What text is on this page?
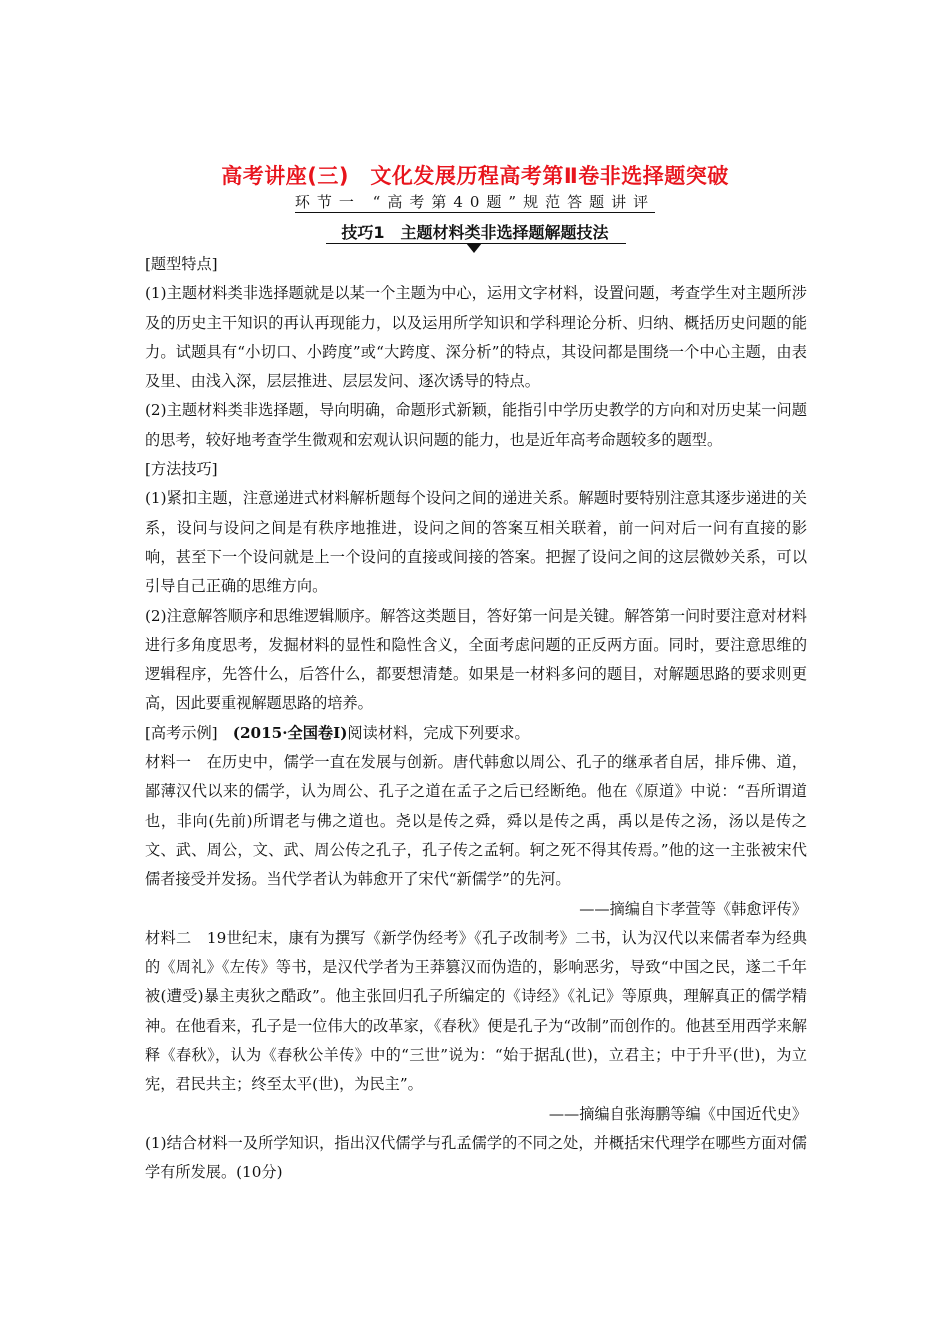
高考讲座(三)　文化发展历程高考第Ⅱ卷非选择题突破
环节一 “高考第40题”规范答题讲评
技巧1　主题材料类非选择题解题技法

[题型特点]

(1)主题材料类非选择题就是以某一个主题为中心，运用文字材料，设置问题，考查学生对主题所涉及的历史主干知识的再认再现能力，以及运用所学知识和学科理论分析、归纳、概括历史问题的能力。试题具有“小切口、小跨度”或“大跨度、深分析”的特点，其设问都是围绕一个中心主题，由表及里、由浅入深，层层推进、层层发问、逐次诱导的特点。

(2)主题材料类非选择题，导向明确，命题形式新颖，能指引中学历史教学的方向和对历史某一问题的思考，较好地考查学生微观和宏观认识问题的能力，也是近年高考命题较多的题型。

[方法技巧]

(1)紧扣主题，注意递进式材料解析题每个设问之间的递进关系。解题时要特别注意其逐步递进的关系，设问与设问之间是有秩序地推进，设问之间的答案互相关联着，前一问对后一问有直接的影响，甚至下一个设问就是上一个设问的直接或间接的答案。把握了设问之间的这层微妙关系，可以引导自己正确的思维方向。

(2)注意解答顺序和思维逻辑顺序。解答这类题目，答好第一问是关键。解答第一问时要注意对材料进行多角度思考，发掘材料的显性和隐性含义，全面考虑问题的正反两方面。同时，要注意思维的逻辑程序，先答什么，后答什么，都要想清楚。如果是一材料多问的题目，对解题思路的要求则更高，因此要重视解题思路的培养。

[高考示例]　(2015·全国卷Ⅰ)阅读材料，完成下列要求。

材料一　在历史中，儒学一直在发展与创新。唐代韩愈以周公、孔子的继承者自居，排斥佛、道，鄙薄汉代以来的儒学，认为周公、孔子之道在孟子之后已经断绝。他在《原道》中说：“吾所谓道也，非向(先前)所谓老与佛之道也。尧以是传之舜，舜以是传之禹，禹以是传之汤，汤以是传之文、武、周公，文、武、周公传之孔子，孔子传之孟轲。轲之死不得其传焉。”他的这一主张被宋代儒者接受并发扬。当代学者认为韩愈开了宋代“新儒学”的先河。

——摘编自卞孝萱等《韩愈评传》

材料二　19世纪末，康有为撰写《新学伪经考》《孔子改制考》二书，认为汉代以来儒者奉为经典的《周礼》《左传》等书，是汉代学者为王莽篡汉而伪造的，影响恶劣，导致“中国之民，遂二千年被(遭受)暴主夷狄之酷政”。他主张回归孔子所编定的《诗经》《礼记》等原典，理解真正的儒学精神。在他看来，孔子是一位伟大的改革家，《春秋》便是孔子为“改制”而创作的。他甚至用西学来解释《春秋》，认为《春秋公羊传》中的“三世”说为：“始于据乱(世)，立君主；中于升平(世)，为立宪，君民共主；终至太平(世)，为民主”。

——摘编自张海鹏等编《中国近代史》

(1)结合材料一及所学知识，指出汉代儒学与孔孟儒学的不同之处，并概括宋代理学在哪些方面对儒学有所发展。(10分)
